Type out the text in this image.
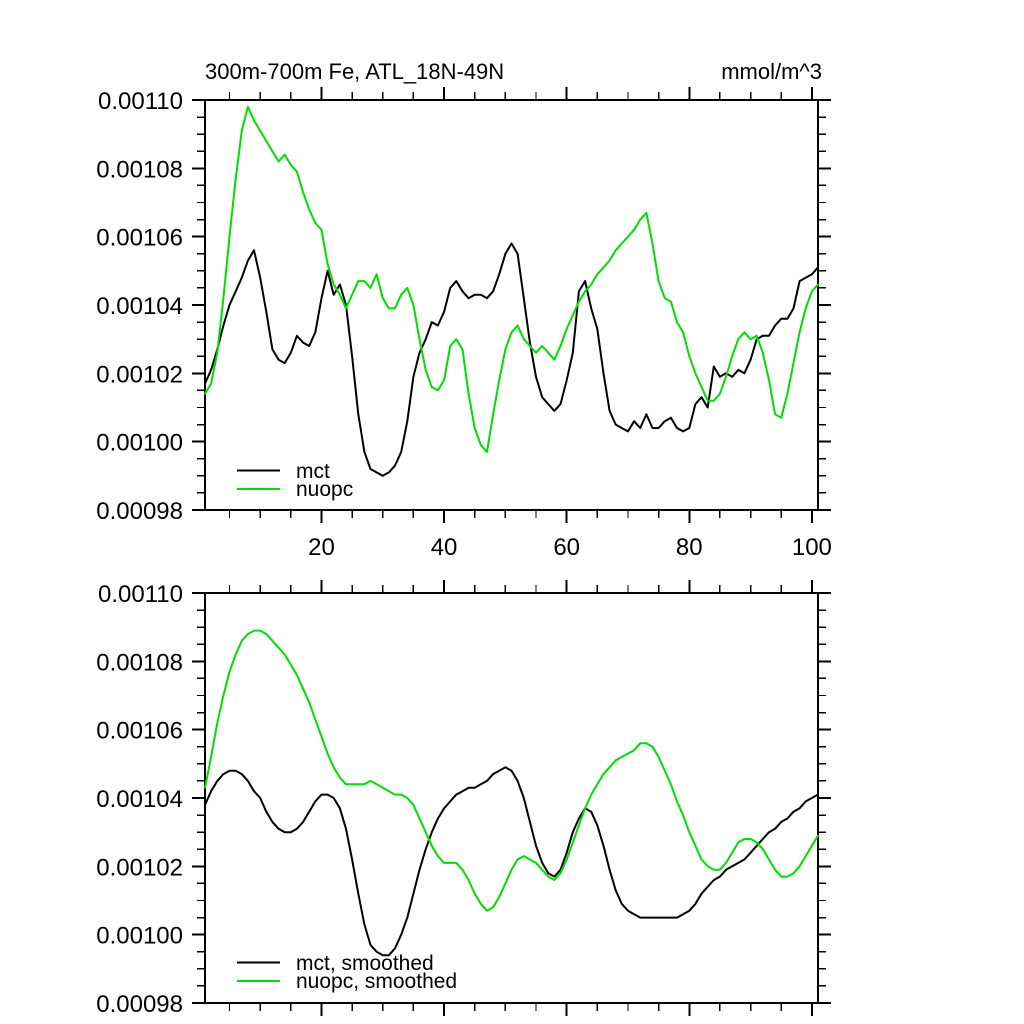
20	40	60	80	100
0.00098
0.00100
0.00102
0.00104
0.00106
0.00108
0.00110
300m-700m Fe, ATL_18N-49N	mmol/m^3
mct
nuopc
0.00098
0.00100
0.00102
0.00104
0.00106
0.00108
0.00110
mct, smoothed
nuopc, smoothed
